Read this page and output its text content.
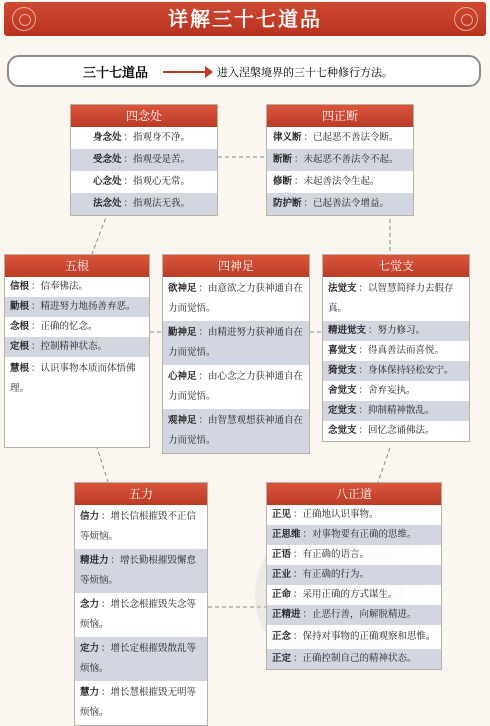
详解三十七道品
三十七道品	进入涅槃境界的三十七种修行方法。
四念处
身念处 ：指观身不净。
受念处 ：指观受是苦。
心念处 ：指观心无常。
法念处 ：指观法无我。
四正断
律义断 ：已起恶不善法令断。
断断 ：未起恶不善法令不起。
修断 ：未起善法令生起。
防护断 ：已起善法令增益。
五根
信根 ：信奉佛法。
勤根 ：精进努力地扬善弃恶。
念根 ：正确的忆念。
定根 ：控制精神状态。
慧根 ：认识事物本质而体悟佛理。
四神足
欲神足 ：由意欲之力获神通自在力而觉悟。
勤神足 ：由精进努力获神通自在力而觉悟。
心神足 ：由心念之力获神通自在力而觉悟。
观神足 ：由智慧观想获神通自在力而觉悟。
七觉支
法觉支 ：以智慧简择力去假存真。
精进觉支 ：努力修习。
喜觉支 ：得真善法而喜悦。
猗觉支 ：身体保持轻松安宁。
舍觉支 ：舍弃妄执。
定觉支 ：抑制精神散乱。
念觉支 ：回忆念诵佛法。
五力
信力 ：增长信根摧毁不正信等烦恼。
精进力 ：增长勤根摧毁懈怠等烦恼。
念力 ：增长念根摧毁失念等烦恼。
定力 ：增长定根摧毁散乱等烦恼。
慧力 ：增长慧根摧毁无明等烦恼。
八正道
正见 ：正确地认识事物。
正思维 ：对事物要有正确的思维。
正语 ：有正确的语言。
正业 ：有正确的行为。
正命 ：采用正确的方式谋生。
正精进 ：止恶行善，向解脱精进。
正念 ：保持对事物的正确观察和思惟。
正定 ：正确控制自己的精神状态。
